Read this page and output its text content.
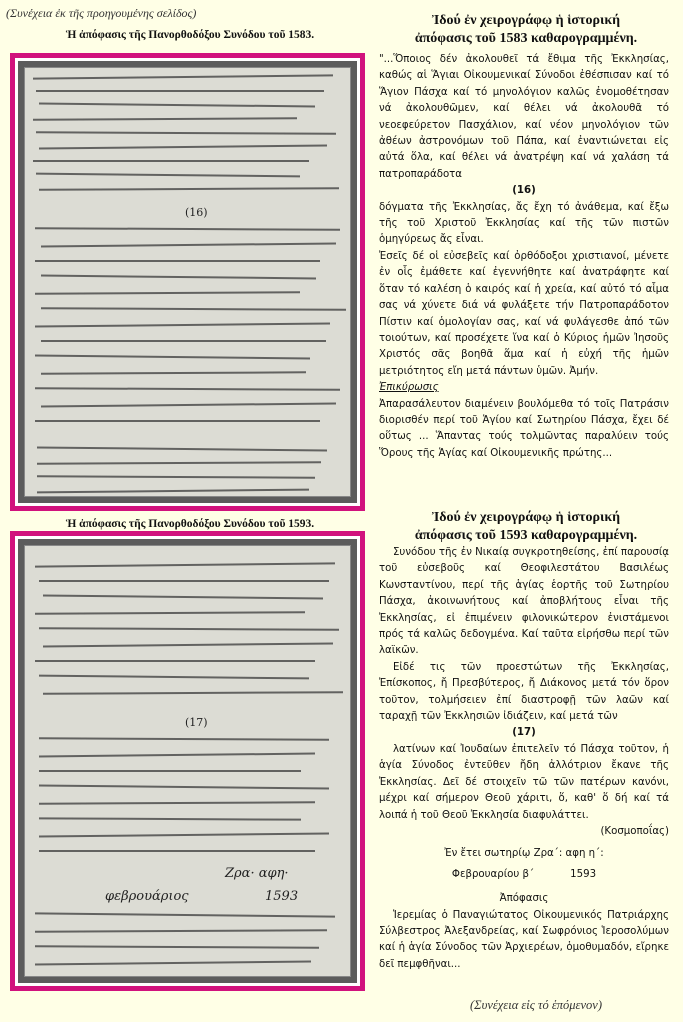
(Συνέχεια ἐκ τῆς προηγουμένης σελίδος)
Ἡ ἀπόφασις τῆς Πανορθοδόξου Συνόδου τοῦ 1583.
(16)
Ἡ ἀπόφασις τῆς Πανορθοδόξου Συνόδου τοῦ 1593.
(17)
Ζρα· αφη·
φεβρουάριος	1593
Ἰδού ἐν χειρογράφῳ ἡ ἱστορική
ἀπόφασις τοῦ 1583 καθαρογραμμένη.

"...Ὅποιος δέν ἀκολουθεῖ τά ἔθιμα τῆς Ἐκκλησίας, καθώς αἱ Ἅγιαι Οἰκουμενικαί Σύνοδοι ἐθέσπισαν καί τό Ἅγιον Πάσχα καί τό μηνολόγιον καλῶς ἐνομοθέτησαν νά ἀκολουθῶμεν, καί θέλει νά ἀκολουθᾶ τό νεοεφεύρετον Πασχάλιον, καί νέον μηνολόγιον τῶν ἀθέων ἀστρονόμων τοῦ Πάπα, καί ἐναντιώνεται εἰς αὐτά ὅλα, καί θέλει νά ἀνατρέψη καί νά χαλάση τά πατροπαράδοτα

(16)

δόγματα τῆς Ἐκκλησίας, ἄς ἔχη τό ἀνάθεμα, καί ἔξω τῆς τοῦ Χριστοῦ Ἐκκλησίας καί τῆς τῶν πιστῶν ὁμηγύρεως ἄς εἶναι.

Ἐσεῖς δέ οἱ εὐσεβεῖς καί ὀρθόδοξοι χριστιανοί, μένετε ἐν οἷς ἐμάθετε καί ἐγεννήθητε καί ἀνατράφητε καί ὅταν τό καλέση ὁ καιρός καί ἡ χρεία, καί αὐτό τό αἷμα σας νά χύνετε διά νά φυλάξετε τήν Πατροπαράδοτον Πίστιν καί ὁμολογίαν σας, καί νά φυλάγεσθε ἀπό τῶν τοιούτων, καί προσέχετε ἵνα καί ὁ Κύριος ἡμῶν Ἰησοῦς Χριστός σᾶς βοηθᾶ ἅμα καί ἡ εὐχή τῆς ἡμῶν μετριότητος εἴη μετά πάντων ὑμῶν. Ἀμήν.

Ἐπικύρωσις

Ἀπαρασάλευτον διαμένειν βουλόμεθα τό τοῖς Πατράσιν διορισθέν περί τοῦ Ἁγίου καί Σωτηρίου Πάσχα, ἔχει δέ οὕτως ... Ἅπαντας τούς τολμῶντας παραλύειν τούς Ὅρους τῆς Ἁγίας καί Οἰκουμενικῆς πρώτης...

Ἰδού ἐν χειρογράφῳ ἡ ἱστορική
ἀπόφασις τοῦ 1593 καθαρογραμμένη.

Συνόδου τῆς ἐν Νικαίᾳ συγκροτηθείσης, ἐπί παρουσίᾳ τοῦ εὐσεβοῦς καί Θεοφιλεστάτου Βασιλέως Κωνσταντίνου, περί τῆς ἁγίας ἑορτῆς τοῦ Σωτηρίου Πάσχα, ἀκοινωνήτους καί ἀποβλήτους εἶναι τῆς Ἐκκλησίας, εἰ ἐπιμένειν φιλονικώτερον ἐνιστάμενοι πρός τά καλῶς δεδογμένα. Καί ταῦτα εἰρήσθω περί τῶν λαϊκῶν.

Εἰδέ τις τῶν προεστώτων τῆς Ἐκκλησίας, Ἐπίσκοπος, ἤ Πρεσβύτερος, ἤ Διάκονος μετά τόν ὅρον τοῦτον, τολμήσειεν ἐπί διαστροφῇ τῶν λαῶν καί ταραχῇ τῶν Ἐκκλησιῶν ἰδιάζειν, καί μετά τῶν

(17)

λατίνων καί Ἰουδαίων ἐπιτελεῖν τό Πάσχα τοῦτον, ἡ ἁγία Σύνοδος ἐντεῦθεν ἤδη ἀλλότριον ἔκανε τῆς Ἐκκλησίας. Δεῖ δέ στοιχεῖν τῶ τῶν πατέρων κανόνι, μέχρι καί σήμερον Θεοῦ χάριτι, ὅ, καθ' ὅ δή καί τά λοιπά ἡ τοῦ Θεοῦ Ἐκκλησία διαφυλάττει.

(Κοσμοποΐας)

Ἐν ἔτει σωτηρίῳ Ζρα΄: αφη η΄:

Φεβρουαρίου β΄	1593

Ἀπόφασις

Ἱερεμίας ὁ Παναγιώτατος Οἰκουμενικός Πατριάρχης Σύλβεστρος Ἀλεξανδρείας, καί Σωφρόνιος Ἱεροσολύμων καί ἡ ἁγία Σύνοδος τῶν Ἀρχιερέων, ὁμοθυμαδόν, εἴρηκε δεῖ πεμφθῆναι...

(Συνέχεια εἰς τό ἑπόμενον)
